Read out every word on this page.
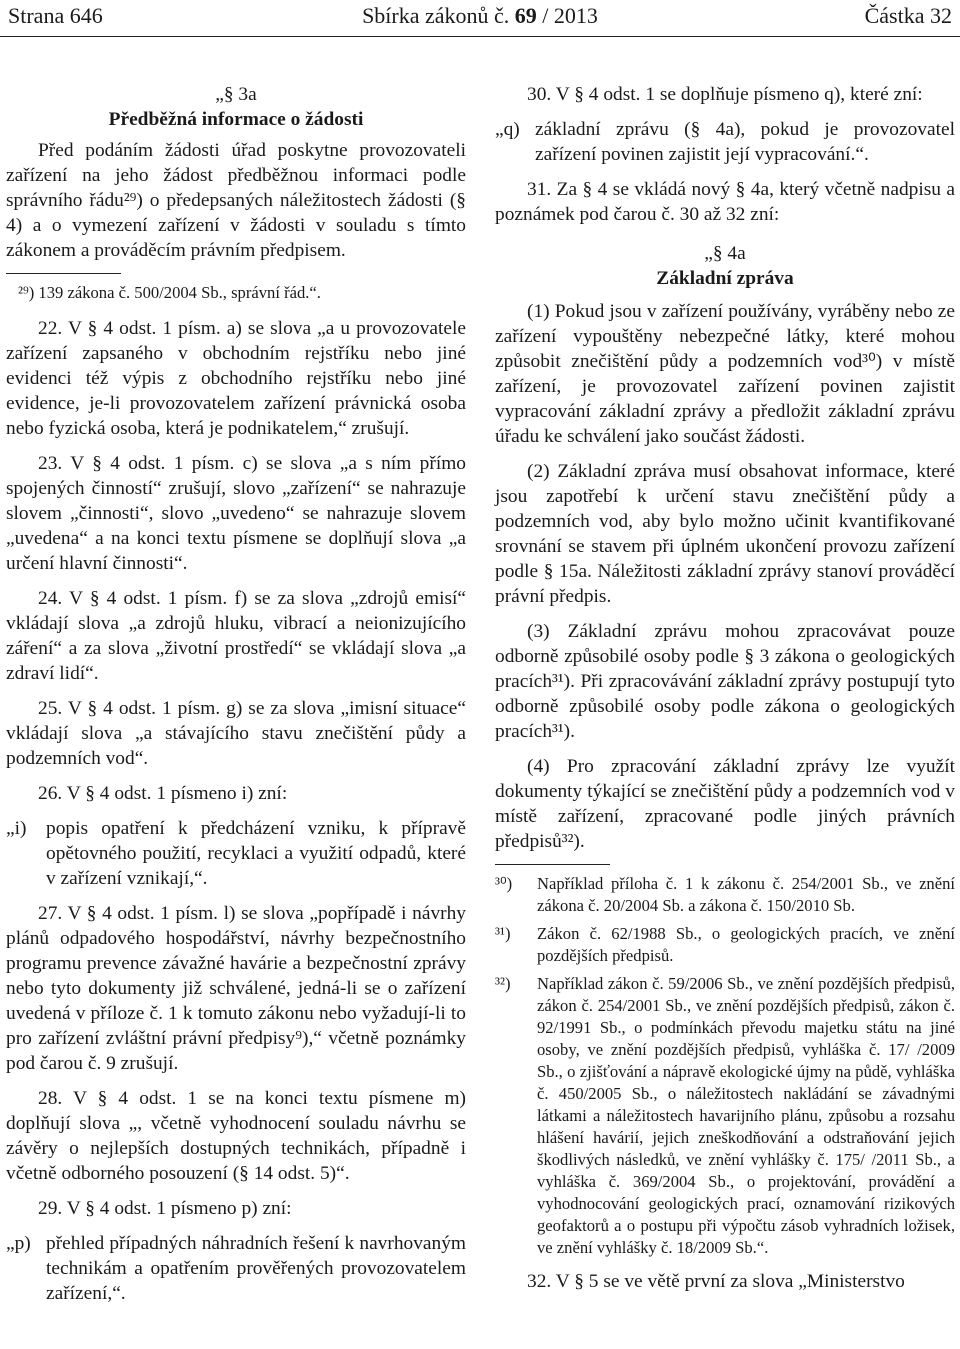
Strana 646	Sbírka zákonů č. 69 / 2013	Částka 32
„§ 3a
Předběžná informace o žádosti

Před podáním žádosti úřad poskytne provozovateli zařízení na jeho žádost předběžnou informaci podle správního řádu²⁹) o předepsaných náležitostech žádosti (§ 4) a o vymezení zařízení v žádosti v souladu s tímto zákonem a prováděcím právním předpisem.

²⁹) 139 zákona č. 500/2004 Sb., správní řád.“.

22. V § 4 odst. 1 písm. a) se slova „a u provozovatele zařízení zapsaného v obchodním rejstříku nebo jiné evidenci též výpis z obchodního rejstříku nebo jiné evidence, je-li provozovatelem zařízení právnická osoba nebo fyzická osoba, která je podnikatelem,“ zrušují.

23. V § 4 odst. 1 písm. c) se slova „a s ním přímo spojených činností“ zrušují, slovo „zařízení“ se nahrazuje slovem „činnosti“, slovo „uvedeno“ se nahrazuje slovem „uvedena“ a na konci textu písmene se doplňují slova „a určení hlavní činnosti“.

24. V § 4 odst. 1 písm. f) se za slova „zdrojů emisí“ vkládají slova „a zdrojů hluku, vibrací a neionizujícího záření“ a za slova „životní prostředí“ se vkládají slova „a zdraví lidí“.

25. V § 4 odst. 1 písm. g) se za slova „imisní situace“ vkládají slova „a stávajícího stavu znečištění půdy a podzemních vod“.

26. V § 4 odst. 1 písmeno i) zní:

„i)	popis opatření k předcházení vzniku, k přípravě opětovného použití, recyklaci a využití odpadů, které v zařízení vznikají,“.

27. V § 4 odst. 1 písm. l) se slova „popřípadě i návrhy plánů odpadového hospodářství, návrhy bezpečnostního programu prevence závažné havárie a bezpečnostní zprávy nebo tyto dokumenty již schválené, jedná-li se o zařízení uvedená v příloze č. 1 k tomuto zákonu nebo vyžadují-li to pro zařízení zvláštní právní předpisy⁹),“ včetně poznámky pod čarou č. 9 zrušují.

28. V § 4 odst. 1 se na konci textu písmene m) doplňují slova „, včetně vyhodnocení souladu návrhu se závěry o nejlepších dostupných technikách, případně i včetně odborného posouzení (§ 14 odst. 5)“.

29. V § 4 odst. 1 písmeno p) zní:

„p) přehled případných náhradních řešení k navrhovaným technikám a opatřením prověřených provozovatelem zařízení,“.

30. V § 4 odst. 1 se doplňuje písmeno q), které zní:

„q) základní zprávu (§ 4a), pokud je provozovatel zařízení povinen zajistit její vypracování.“.

31. Za § 4 se vkládá nový § 4a, který včetně nadpisu a poznámek pod čarou č. 30 až 32 zní:

„§ 4a
Základní zpráva

(1) Pokud jsou v zařízení používány, vyráběny nebo ze zařízení vypouštěny nebezpečné látky, které mohou způsobit znečištění půdy a podzemních vod³⁰) v místě zařízení, je provozovatel zařízení povinen zajistit vypracování základní zprávy a předložit základní zprávu úřadu ke schválení jako součást žádosti.

(2) Základní zpráva musí obsahovat informace, které jsou zapotřebí k určení stavu znečištění půdy a podzemních vod, aby bylo možno učinit kvantifikované srovnání se stavem při úplném ukončení provozu zařízení podle § 15a. Náležitosti základní zprávy stanoví prováděcí právní předpis.

(3) Základní zprávu mohou zpracovávat pouze odborně způsobilé osoby podle § 3 zákona o geologických pracích³¹). Při zpracovávání základní zprávy postupují tyto odborně způsobilé osoby podle zákona o geologických pracích³¹).

(4) Pro zpracování základní zprávy lze využít dokumenty týkající se znečištění půdy a podzemních vod v místě zařízení, zpracované podle jiných právních předpisů³²).

³⁰)	Například příloha č. 1 k zákonu č. 254/2001 Sb., ve znění zákona č. 20/2004 Sb. a zákona č. 150/2010 Sb.
³¹)	Zákon č. 62/1988 Sb., o geologických pracích, ve znění pozdějších předpisů.
³²)	Například zákon č. 59/2006 Sb., ve znění pozdějších předpisů, zákon č. 254/2001 Sb., ve znění pozdějších předpisů, zákon č. 92/1991 Sb., o podmínkách převodu majetku státu na jiné osoby, ve znění pozdějších předpisů, vyhláška č. 17/ /2009 Sb., o zjišťování a nápravě ekologické újmy na půdě, vyhláška č. 450/2005 Sb., o náležitostech nakládání se závadnými látkami a náležitostech havarijního plánu, způsobu a rozsahu hlášení havárií, jejich zneškodňování a odstraňování jejich škodlivých následků, ve znění vyhlášky č. 175/ /2011 Sb., a vyhláška č. 369/2004 Sb., o projektování, provádění a vyhodnocování geologických prací, oznamování rizikových geofaktorů a o postupu při výpočtu zásob vyhradních ložisek, ve znění vyhlášky č. 18/2009 Sb.“.

32. V § 5 se ve větě první za slova „Ministerstvo
